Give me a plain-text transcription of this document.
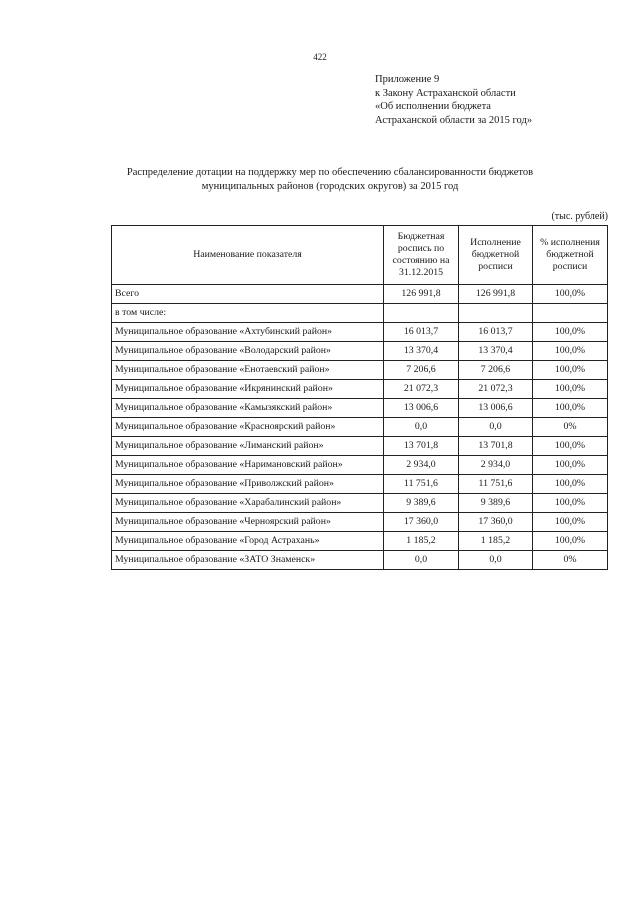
422
Приложение 9
к Закону Астраханской области
«Об исполнении бюджета
Астраханской области за 2015 год»
Распределение дотации на поддержку мер по обеспечению сбалансированности бюджетов
муниципальных районов (городских округов) за 2015 год
(тыс. рублей)
Наименование показателя	Бюджетная роспись по состоянию на 31.12.2015	Исполнение бюджетной росписи	% исполнения бюджетной росписи
Всего	126 991,8	126 991,8	100,0%
в том числе:			
Муниципальное образование «Ахтубинский район»	16 013,7	16 013,7	100,0%
Муниципальное образование «Володарский район»	13 370,4	13 370,4	100,0%
Муниципальное образование «Енотаевский район»	7 206,6	7 206,6	100,0%
Муниципальное образование «Икрянинский район»	21 072,3	21 072,3	100,0%
Муниципальное образование «Камызякский район»	13 006,6	13 006,6	100,0%
Муниципальное образование «Красноярский район»	0,0	0,0	0%
Муниципальное образование «Лиманский район»	13 701,8	13 701,8	100,0%
Муниципальное образование «Наримановский район»	2 934,0	2 934,0	100,0%
Муниципальное образование «Приволжский район»	11 751,6	11 751,6	100,0%
Муниципальное образование «Харабалинский район»	9 389,6	9 389,6	100,0%
Муниципальное образование «Черноярский район»	17 360,0	17 360,0	100,0%
Муниципальное образование «Город Астрахань»	1 185,2	1 185,2	100,0%
Муниципальное образование «ЗАТО Знаменск»	0,0	0,0	0%
